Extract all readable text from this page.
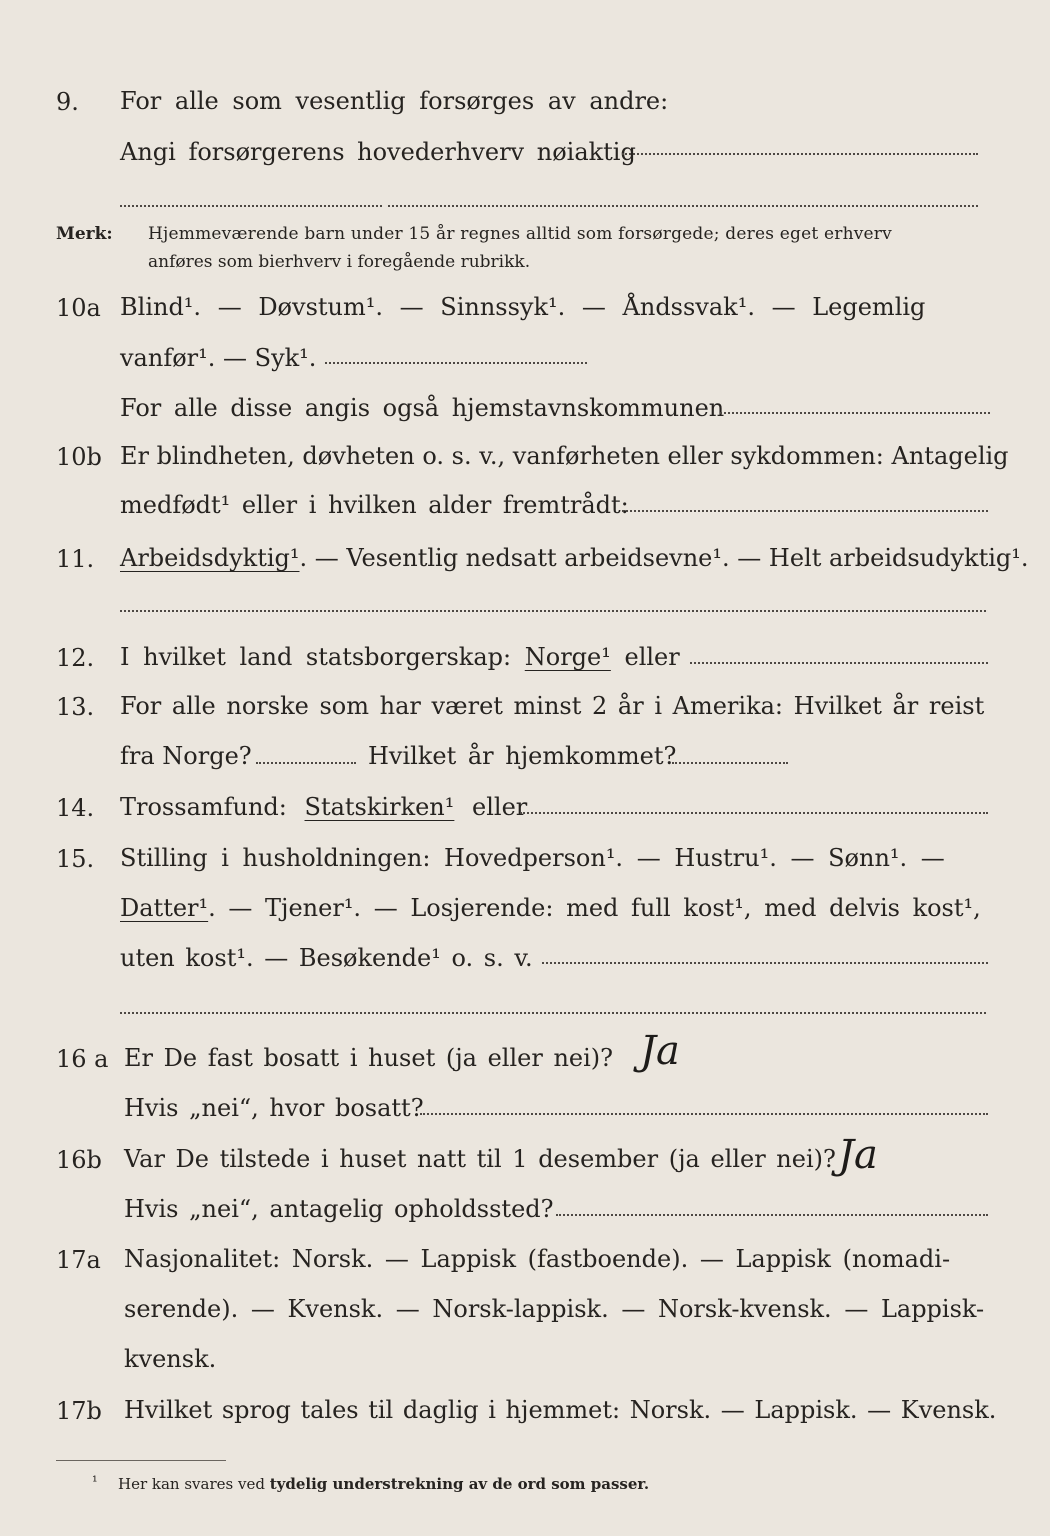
9. For alle som vesentlig forsørges av andre:
Angi forsørgerens hovederhverv nøiaktig
Merk: Hjemmeværende barn under 15 år regnes alltid som forsørgede; deres eget erhverv
anføres som bierhverv i foregående rubrikk.
10a Blind¹. — Døvstum¹. — Sinnssyk¹. — Åndssvak¹. — Legemlig
vanfør¹. — Syk¹.
For alle disse angis også hjemstavnskommunen
10b Er blindheten, døvheten o. s. v., vanførheten eller sykdommen: Antagelig
medfødt¹ eller i hvilken alder fremtrådt:
11. Arbeidsdyktig¹. — Vesentlig nedsatt arbeidsevne¹. — Helt arbeidsudyktig¹.
12. I hvilket land statsborgerskap: Norge¹ eller
13. For alle norske som har været minst 2 år i Amerika: Hvilket år reist
fra Norge?	Hvilket år hjemkommet?
14. Trossamfund: Statskirken¹ eller
15. Stilling i husholdningen: Hovedperson¹. — Hustru¹. — Sønn¹. —
Datter¹. — Tjener¹. — Losjerende: med full kost¹, med delvis kost¹,
uten kost¹. — Besøkende¹ o. s. v.
16 a Er De fast bosatt i huset (ja eller nei)? Ja
Hvis „nei“, hvor bosatt?
16b Var De tilstede i huset natt til 1 desember (ja eller nei)? Ja
Hvis „nei“, antagelig opholdssted?
17a Nasjonalitet: Norsk. — Lappisk (fastboende). — Lappisk (nomadi-
serende). — Kvensk. — Norsk-lappisk. — Norsk-kvensk. — Lappisk-
kvensk.
17b Hvilket sprog tales til daglig i hjemmet: Norsk. — Lappisk. — Kvensk.
¹ Her kan svares ved tydelig understrekning av de ord som passer.
